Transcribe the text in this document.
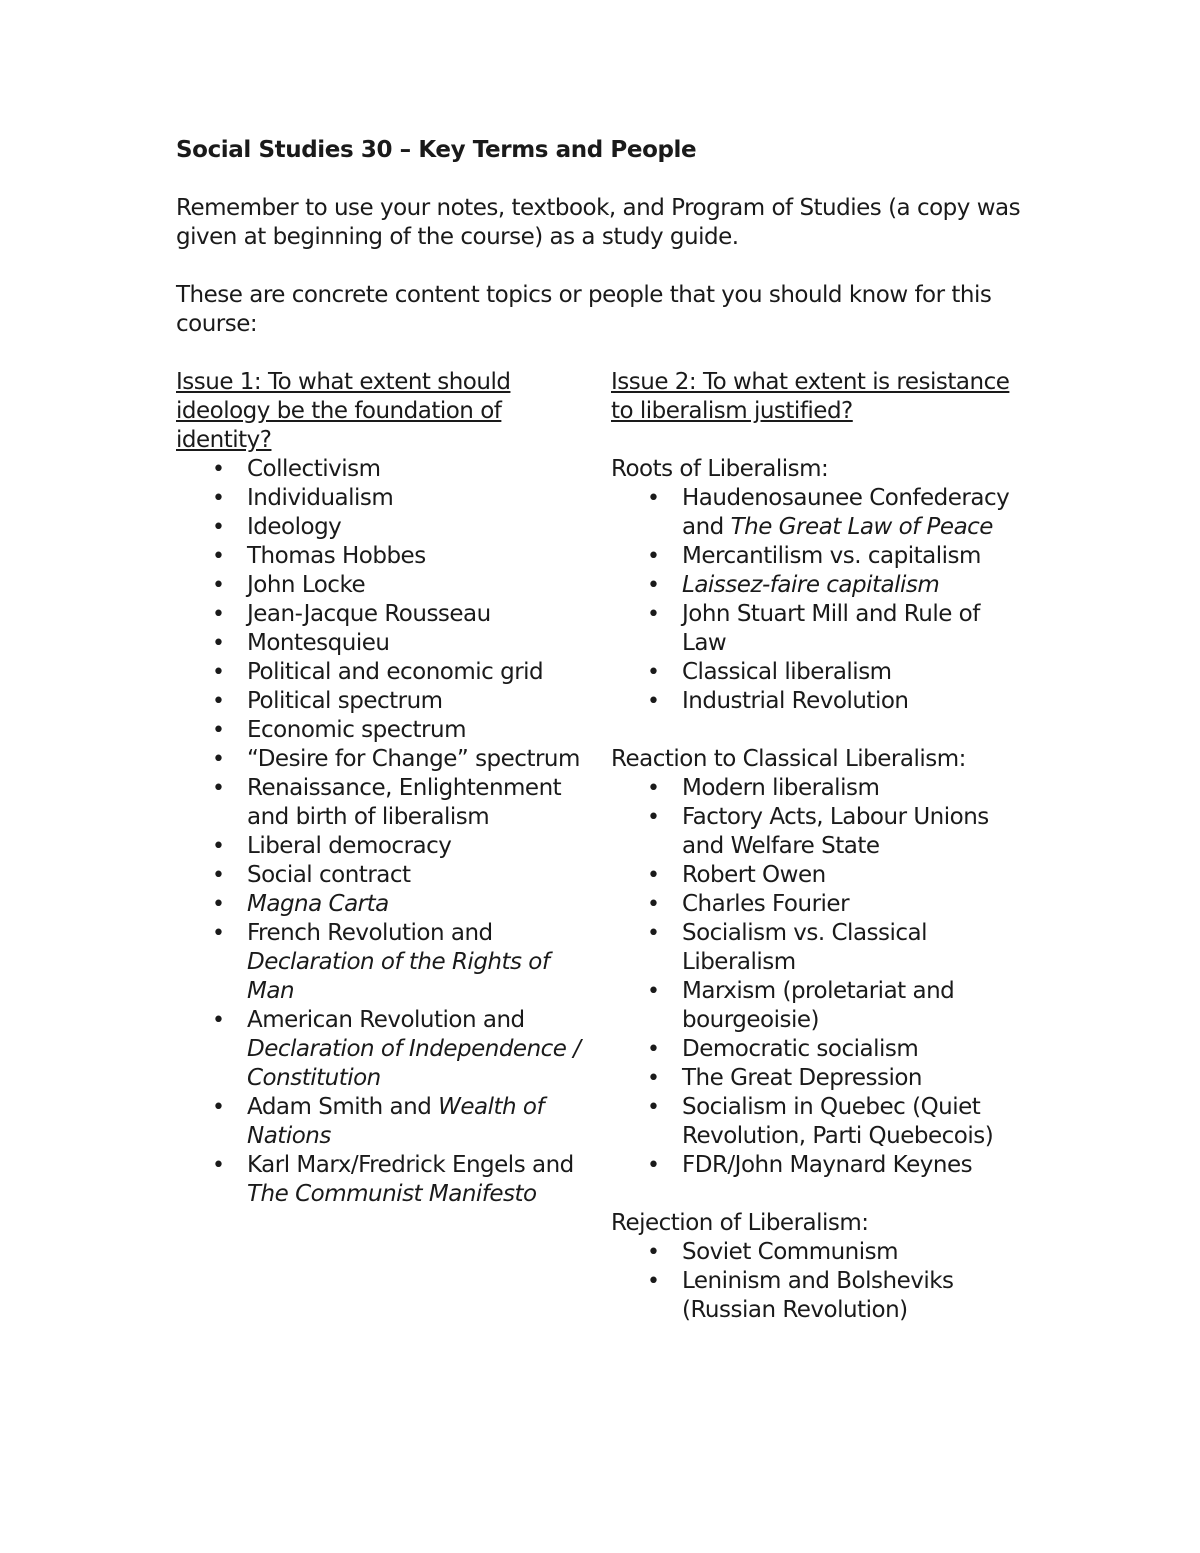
Social Studies 30 – Key Terms and People
Remember to use your notes, textbook, and Program of Studies (a copy was given at beginning of the course) as a study guide.
These are concrete content topics or people that you should know for this course:
Issue 1: To what extent should ideology be the foundation of identity?
• Collectivism
• Individualism
• Ideology
• Thomas Hobbes
• John Locke
• Jean-Jacque Rousseau
• Montesquieu
• Political and economic grid
• Political spectrum
• Economic spectrum
• “Desire for Change” spectrum
• Renaissance, Enlightenment and birth of liberalism
• Liberal democracy
• Social contract
• Magna Carta
• French Revolution and Declaration of the Rights of Man
• American Revolution and Declaration of Independence / Constitution
• Adam Smith and Wealth of Nations
• Karl Marx/Fredrick Engels and The Communist Manifesto
Issue 2: To what extent is resistance to liberalism justified?
Roots of Liberalism:
• Haudenosaunee Confederacy and The Great Law of Peace
• Mercantilism vs. capitalism
• Laissez-faire capitalism
• John Stuart Mill and Rule of Law
• Classical liberalism
• Industrial Revolution
Reaction to Classical Liberalism:
• Modern liberalism
• Factory Acts, Labour Unions and Welfare State
• Robert Owen
• Charles Fourier
• Socialism vs. Classical Liberalism
• Marxism (proletariat and bourgeoisie)
• Democratic socialism
• The Great Depression
• Socialism in Quebec (Quiet Revolution, Parti Quebecois)
• FDR/John Maynard Keynes
Rejection of Liberalism:
• Soviet Communism
• Leninism and Bolsheviks (Russian Revolution)
